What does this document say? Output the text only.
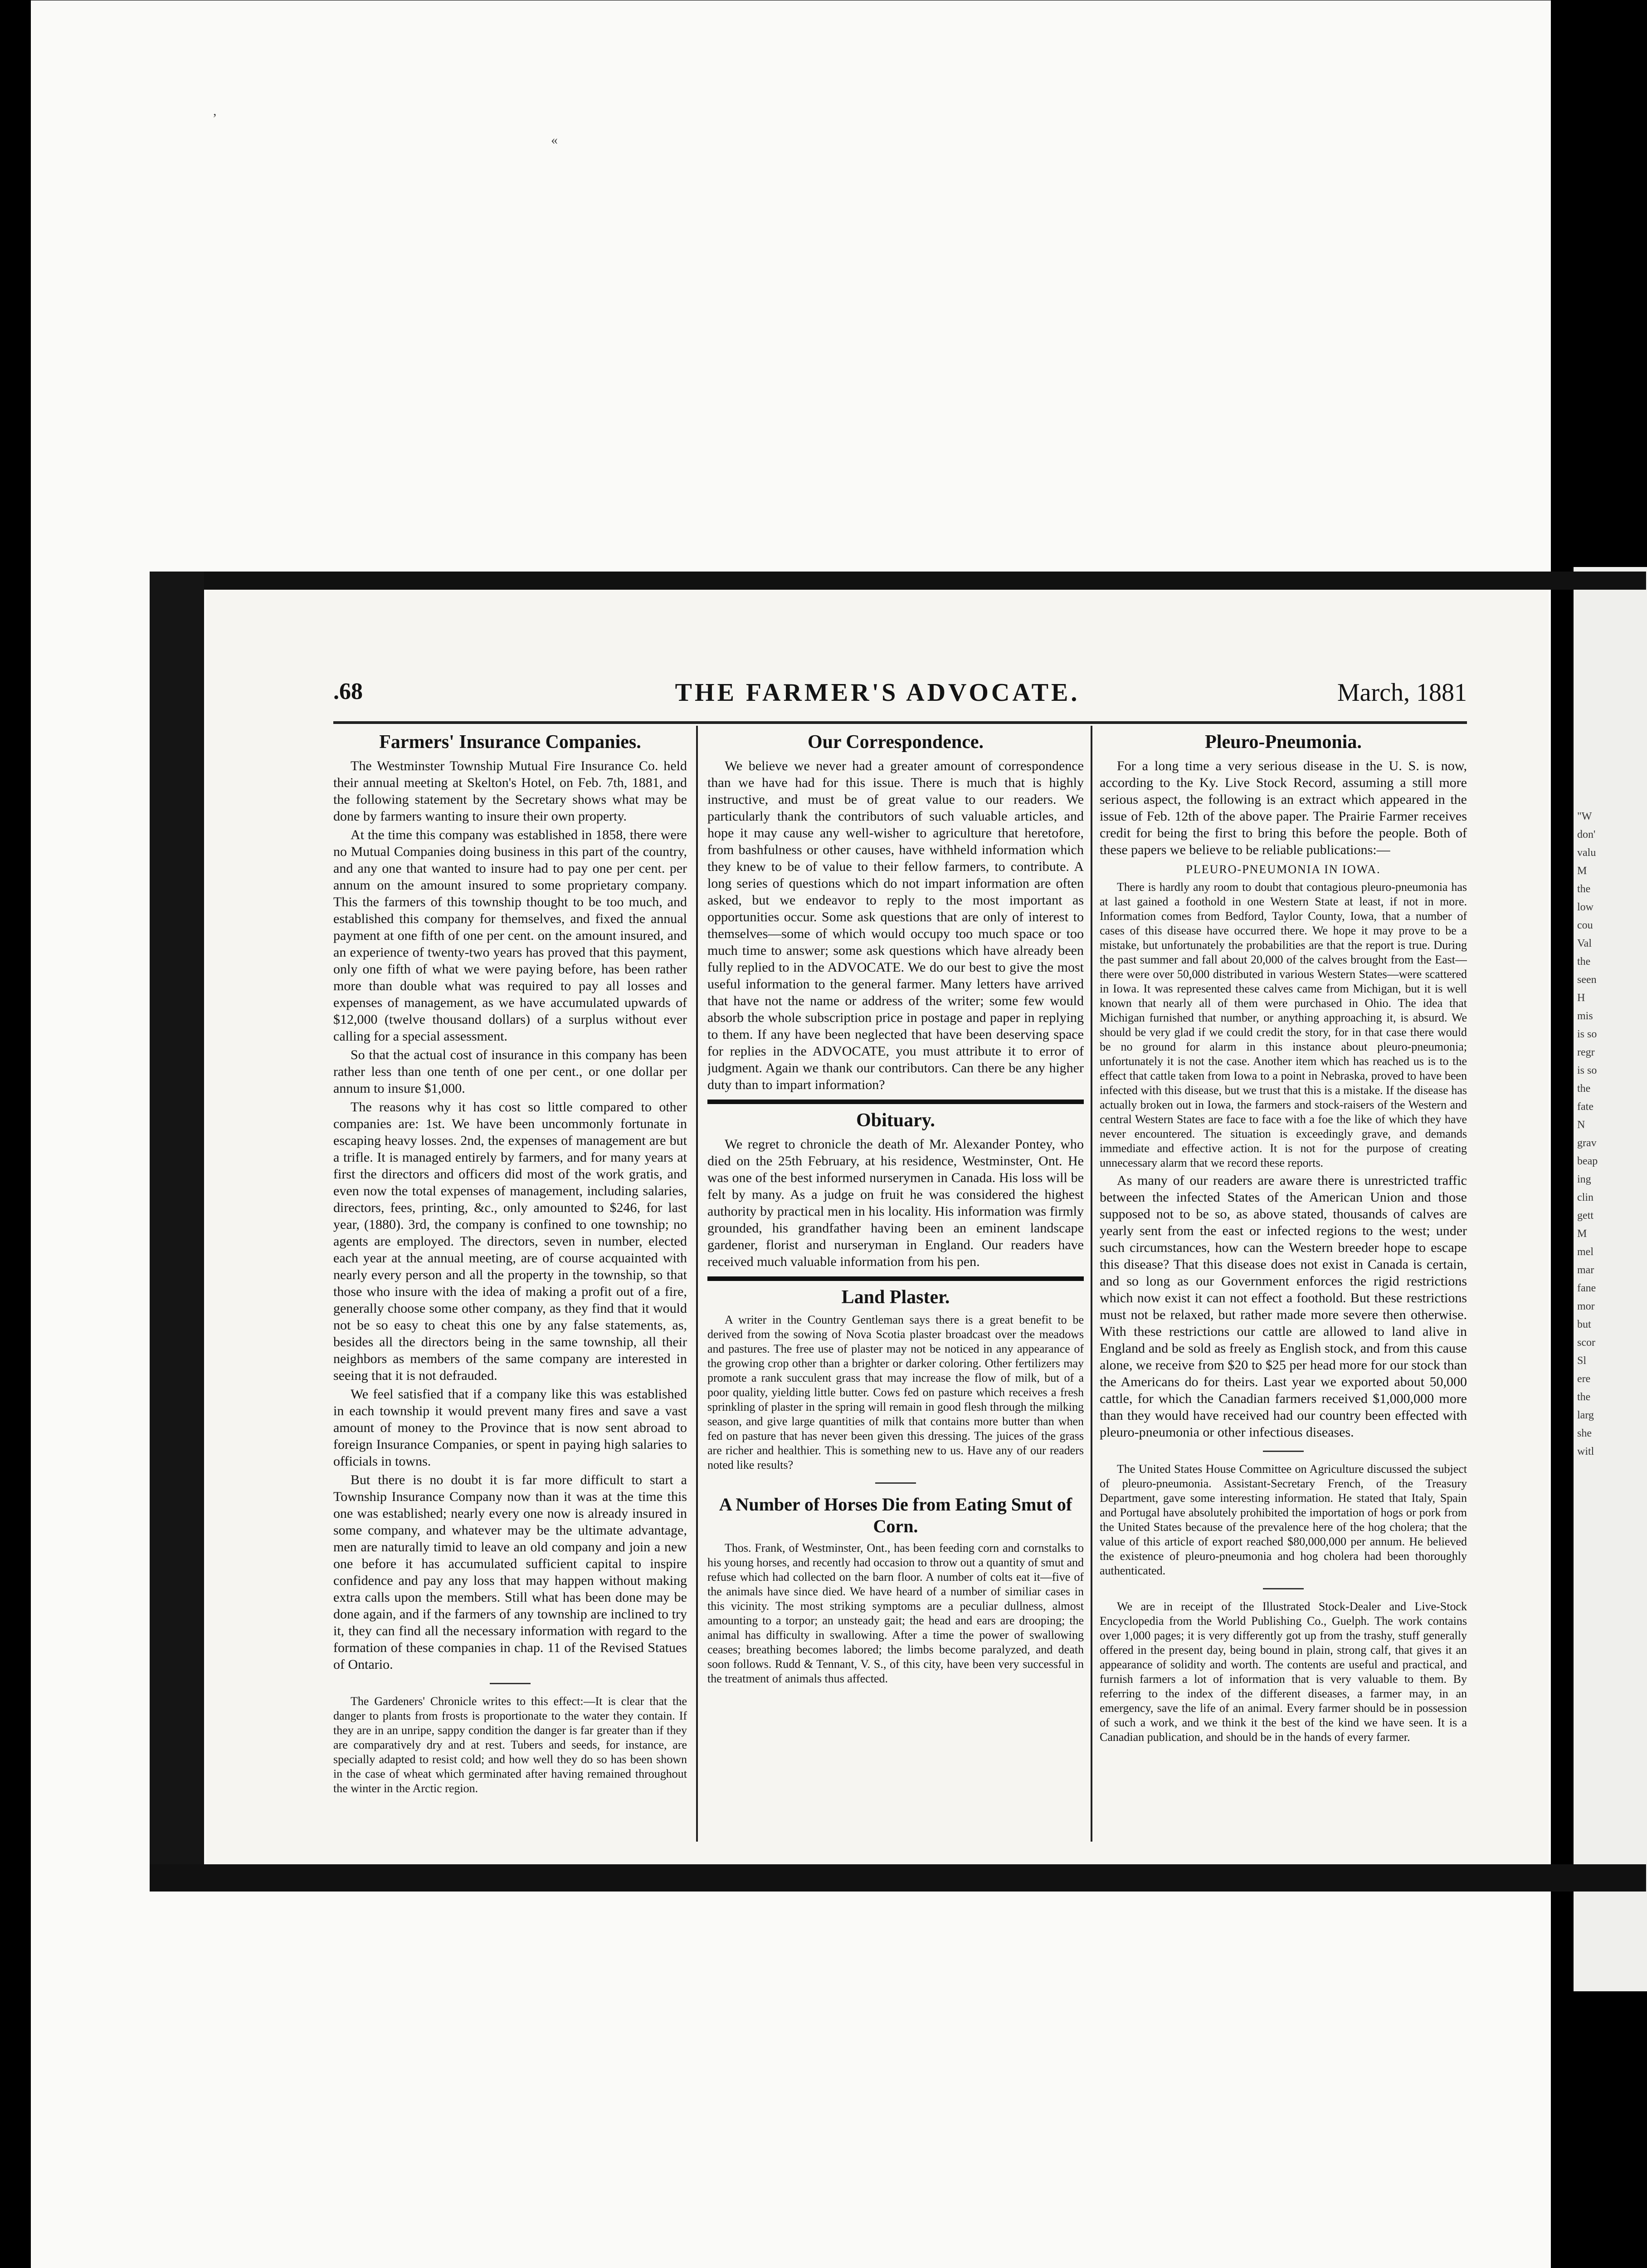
"W
don'
valu
M
the
low
cou
Val
the
seen
H
mis
is so
regr
is so
the
fate
N
grav
beap
ing
clin
gett
M
mel
mar
fane
mor
but
scor
Sl
ere
the
larg
she
witl
,
«
.68	THE FARMER'S ADVOCATE.	March, 1881
Farmers' Insurance Companies.

The Westminster Township Mutual Fire Insurance Co. held their annual meeting at Skelton's Hotel, on Feb. 7th, 1881, and the following statement by the Secretary shows what may be done by farmers wanting to insure their own property.

At the time this company was established in 1858, there were no Mutual Companies doing business in this part of the country, and any one that wanted to insure had to pay one per cent. per annum on the amount insured to some proprietary company. This the farmers of this township thought to be too much, and established this company for themselves, and fixed the annual payment at one fifth of one per cent. on the amount insured, and an experience of twenty-two years has proved that this payment, only one fifth of what we were paying before, has been rather more than double what was required to pay all losses and expenses of management, as we have accumulated upwards of $12,000 (twelve thousand dollars) of a surplus without ever calling for a special assessment.

So that the actual cost of insurance in this company has been rather less than one tenth of one per cent., or one dollar per annum to insure $1,000.

The reasons why it has cost so little compared to other companies are: 1st. We have been uncommonly fortunate in escaping heavy losses. 2nd, the expenses of management are but a trifle. It is managed entirely by farmers, and for many years at first the directors and officers did most of the work gratis, and even now the total expenses of management, including salaries, directors, fees, printing, &c., only amounted to $246, for last year, (1880). 3rd, the company is confined to one township; no agents are employed. The directors, seven in number, elected each year at the annual meeting, are of course acquainted with nearly every person and all the property in the township, so that those who insure with the idea of making a profit out of a fire, generally choose some other company, as they find that it would not be so easy to cheat this one by any false statements, as, besides all the directors being in the same township, all their neighbors as members of the same company are interested in seeing that it is not defrauded.

We feel satisfied that if a company like this was established in each township it would prevent many fires and save a vast amount of money to the Province that is now sent abroad to foreign Insurance Companies, or spent in paying high salaries to officials in towns.

But there is no doubt it is far more difficult to start a Township Insurance Company now than it was at the time this one was established; nearly every one now is already insured in some company, and whatever may be the ultimate advantage, men are naturally timid to leave an old company and join a new one before it has accumulated sufficient capital to inspire confidence and pay any loss that may happen without making extra calls upon the members. Still what has been done may be done again, and if the farmers of any township are inclined to try it, they can find all the necessary information with regard to the formation of these companies in chap. 11 of the Revised Statues of Ontario.

The Gardeners' Chronicle writes to this effect:—It is clear that the danger to plants from frosts is proportionate to the water they contain. If they are in an unripe, sappy condition the danger is far greater than if they are comparatively dry and at rest. Tubers and seeds, for instance, are specially adapted to resist cold; and how well they do so has been shown in the case of wheat which germinated after having remained throughout the winter in the Arctic region.

Our Correspondence.

We believe we never had a greater amount of correspondence than we have had for this issue. There is much that is highly instructive, and must be of great value to our readers. We particularly thank the contributors of such valuable articles, and hope it may cause any well-wisher to agriculture that heretofore, from bashfulness or other causes, have withheld information which they knew to be of value to their fellow farmers, to contribute. A long series of questions which do not impart information are often asked, but we endeavor to reply to the most important as opportunities occur. Some ask questions that are only of interest to themselves—some of which would occupy too much space or too much time to answer; some ask questions which have already been fully replied to in the ADVOCATE. We do our best to give the most useful information to the general farmer. Many letters have arrived that have not the name or address of the writer; some few would absorb the whole subscription price in postage and paper in replying to them. If any have been neglected that have been deserving space for replies in the ADVOCATE, you must attribute it to error of judgment. Again we thank our contributors. Can there be any higher duty than to impart information?

Obituary.

We regret to chronicle the death of Mr. Alexander Pontey, who died on the 25th February, at his residence, Westminster, Ont. He was one of the best informed nurserymen in Canada. His loss will be felt by many. As a judge on fruit he was considered the highest authority by practical men in his locality. His information was firmly grounded, his grandfather having been an eminent landscape gardener, florist and nurseryman in England. Our readers have received much valuable information from his pen.

Land Plaster.

A writer in the Country Gentleman says there is a great benefit to be derived from the sowing of Nova Scotia plaster broadcast over the meadows and pastures. The free use of plaster may not be noticed in any appearance of the growing crop other than a brighter or darker coloring. Other fertilizers may promote a rank succulent grass that may increase the flow of milk, but of a poor quality, yielding little butter. Cows fed on pasture which receives a fresh sprinkling of plaster in the spring will remain in good flesh through the milking season, and give large quantities of milk that contains more butter than when fed on pasture that has never been given this dressing. The juices of the grass are richer and healthier. This is something new to us. Have any of our readers noted like results?

A Number of Horses Die from Eating Smut of Corn.

Thos. Frank, of Westminster, Ont., has been feeding corn and cornstalks to his young horses, and recently had occasion to throw out a quantity of smut and refuse which had collected on the barn floor. A number of colts eat it—five of the animals have since died. We have heard of a number of similiar cases in this vicinity. The most striking symptoms are a peculiar dullness, almost amounting to a torpor; an unsteady gait; the head and ears are drooping; the animal has difficulty in swallowing. After a time the power of swallowing ceases; breathing becomes labored; the limbs become paralyzed, and death soon follows. Rudd & Tennant, V. S., of this city, have been very successful in the treatment of animals thus affected.

Pleuro-Pneumonia.

For a long time a very serious disease in the U. S. is now, according to the Ky. Live Stock Record, assuming a still more serious aspect, the following is an extract which appeared in the issue of Feb. 12th of the above paper. The Prairie Farmer receives credit for being the first to bring this before the people. Both of these papers we believe to be reliable publications:—

PLEURO-PNEUMONIA IN IOWA.

There is hardly any room to doubt that contagious pleuro-pneumonia has at last gained a foothold in one Western State at least, if not in more. Information comes from Bedford, Taylor County, Iowa, that a number of cases of this disease have occurred there. We hope it may prove to be a mistake, but unfortunately the probabilities are that the report is true. During the past summer and fall about 20,000 of the calves brought from the East—there were over 50,000 distributed in various Western States—were scattered in Iowa. It was represented these calves came from Michigan, but it is well known that nearly all of them were purchased in Ohio. The idea that Michigan furnished that number, or anything approaching it, is absurd. We should be very glad if we could credit the story, for in that case there would be no ground for alarm in this instance about pleuro-pneumonia; unfortunately it is not the case. Another item which has reached us is to the effect that cattle taken from Iowa to a point in Nebraska, proved to have been infected with this disease, but we trust that this is a mistake. If the disease has actually broken out in Iowa, the farmers and stock-raisers of the Western and central Western States are face to face with a foe the like of which they have never encountered. The situation is exceedingly grave, and demands immediate and effective action. It is not for the purpose of creating unnecessary alarm that we record these reports.

As many of our readers are aware there is unrestricted traffic between the infected States of the American Union and those supposed not to be so, as above stated, thousands of calves are yearly sent from the east or infected regions to the west; under such circumstances, how can the Western breeder hope to escape this disease? That this disease does not exist in Canada is certain, and so long as our Government enforces the rigid restrictions which now exist it can not effect a foothold. But these restrictions must not be relaxed, but rather made more severe then otherwise. With these restrictions our cattle are allowed to land alive in England and be sold as freely as English stock, and from this cause alone, we receive from $20 to $25 per head more for our stock than the Americans do for theirs. Last year we exported about 50,000 cattle, for which the Canadian farmers received $1,000,000 more than they would have received had our country been effected with pleuro-pneumonia or other infectious diseases.

The United States House Committee on Agriculture discussed the subject of pleuro-pneumonia. Assistant-Secretary French, of the Treasury Department, gave some interesting information. He stated that Italy, Spain and Portugal have absolutely prohibited the importation of hogs or pork from the United States because of the prevalence here of the hog cholera; that the value of this article of export reached $80,000,000 per annum. He believed the existence of pleuro-pneumonia and hog cholera had been thoroughly authenticated.

We are in receipt of the Illustrated Stock-Dealer and Live-Stock Encyclopedia from the World Publishing Co., Guelph. The work contains over 1,000 pages; it is very differently got up from the trashy, stuff generally offered in the present day, being bound in plain, strong calf, that gives it an appearance of solidity and worth. The contents are useful and practical, and furnish farmers a lot of information that is very valuable to them. By referring to the index of the different diseases, a farmer may, in an emergency, save the life of an animal. Every farmer should be in possession of such a work, and we think it the best of the kind we have seen. It is a Canadian publication, and should be in the hands of every farmer.
